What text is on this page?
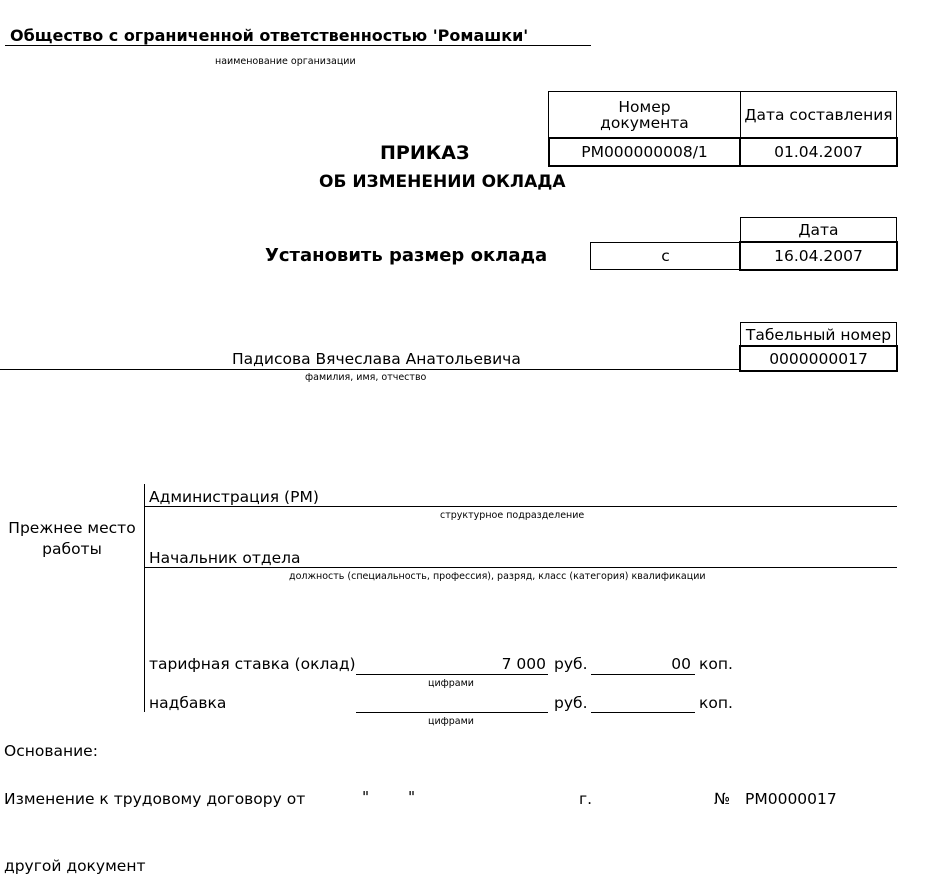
Общество с ограниченной ответственностью 'Ромашки'
наименование организации
Номер документа	Дата составления
РМ000000008/1	01.04.2007
ПРИКАЗ
ОБ ИЗМЕНЕНИИ ОКЛАДА
Дата
с	16.04.2007
Установить размер оклада
Табельный номер
0000000017
Падисова Вячеслава Анатольевича
фамилия, имя, отчество
Прежнее место работы
Администрация (РМ)
структурное подразделение
Начальник отдела
должность (специальность, профессия), разряд, класс (категория) квалификации
тарифная ставка (оклад)	7 000 руб.	00 коп.
цифрами
надбавка	руб.	коп.
цифрами
Основание:
Изменение к трудовому договору от	"	"	г.	№ РМ0000017
другой документ
